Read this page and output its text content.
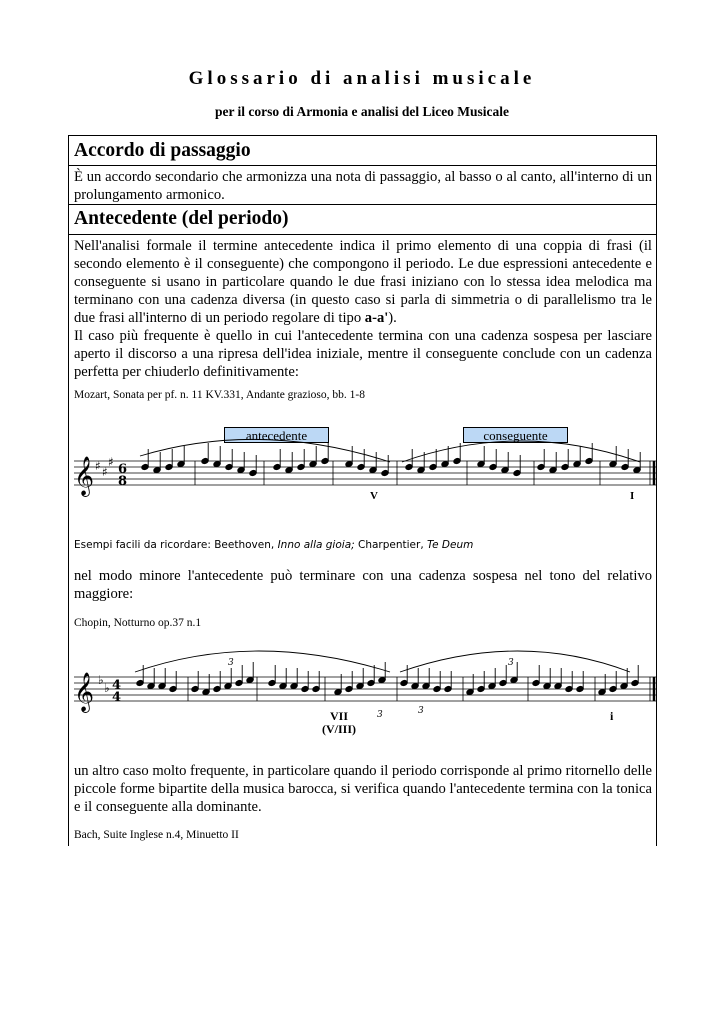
Glossario di analisi musicale
per il corso di Armonia e analisi del Liceo Musicale
Accordo di passaggio

È un accordo secondario che armonizza una nota di passaggio, al basso o al canto, all'interno di un prolungamento armonico.

Antecedente (del periodo)

Nell'analisi formale il termine antecedente indica il primo elemento di una coppia di frasi (il secondo elemento è il conseguente) che compongono il periodo. Le due espressioni antecedente e conseguente si usano in particolare quando le due frasi iniziano con lo stessa idea melodica ma terminano con una cadenza diversa (in questo caso si parla di simmetria o di parallelismo tra le due frasi all'interno di un periodo regolare di tipo a-a').

Il caso più frequente è quello in cui l'antecedente termina con una cadenza sospesa per lasciare aperto il discorso a una ripresa dell'idea iniziale, mentre il conseguente conclude con un cadenza perfetta per chiuderlo definitivamente:

Mozart, Sonata per pf. n. 11 KV.331, Andante grazioso, bb. 1-8
antecedente	conseguente
V	I
𝄞 ♯ ♯
♯ 6
8
Esempi facili da ricordare: Beethoven, Inno alla gioia; Charpentier, Te Deum

nel modo minore l'antecedente può terminare con una cadenza sospesa nel tono del relativo maggiore:

Chopin, Notturno op.37 n.1
𝄞 ♭
♭ 4
4
3
3	3
3
VII
(V/III)
i

un altro caso molto frequente, in particolare quando il periodo corrisponde al primo ritornello delle piccole forme bipartite della musica barocca, si verifica quando l'antecedente termina con la tonica e il conseguente alla dominante.

Bach, Suite Inglese n.4, Minuetto II
